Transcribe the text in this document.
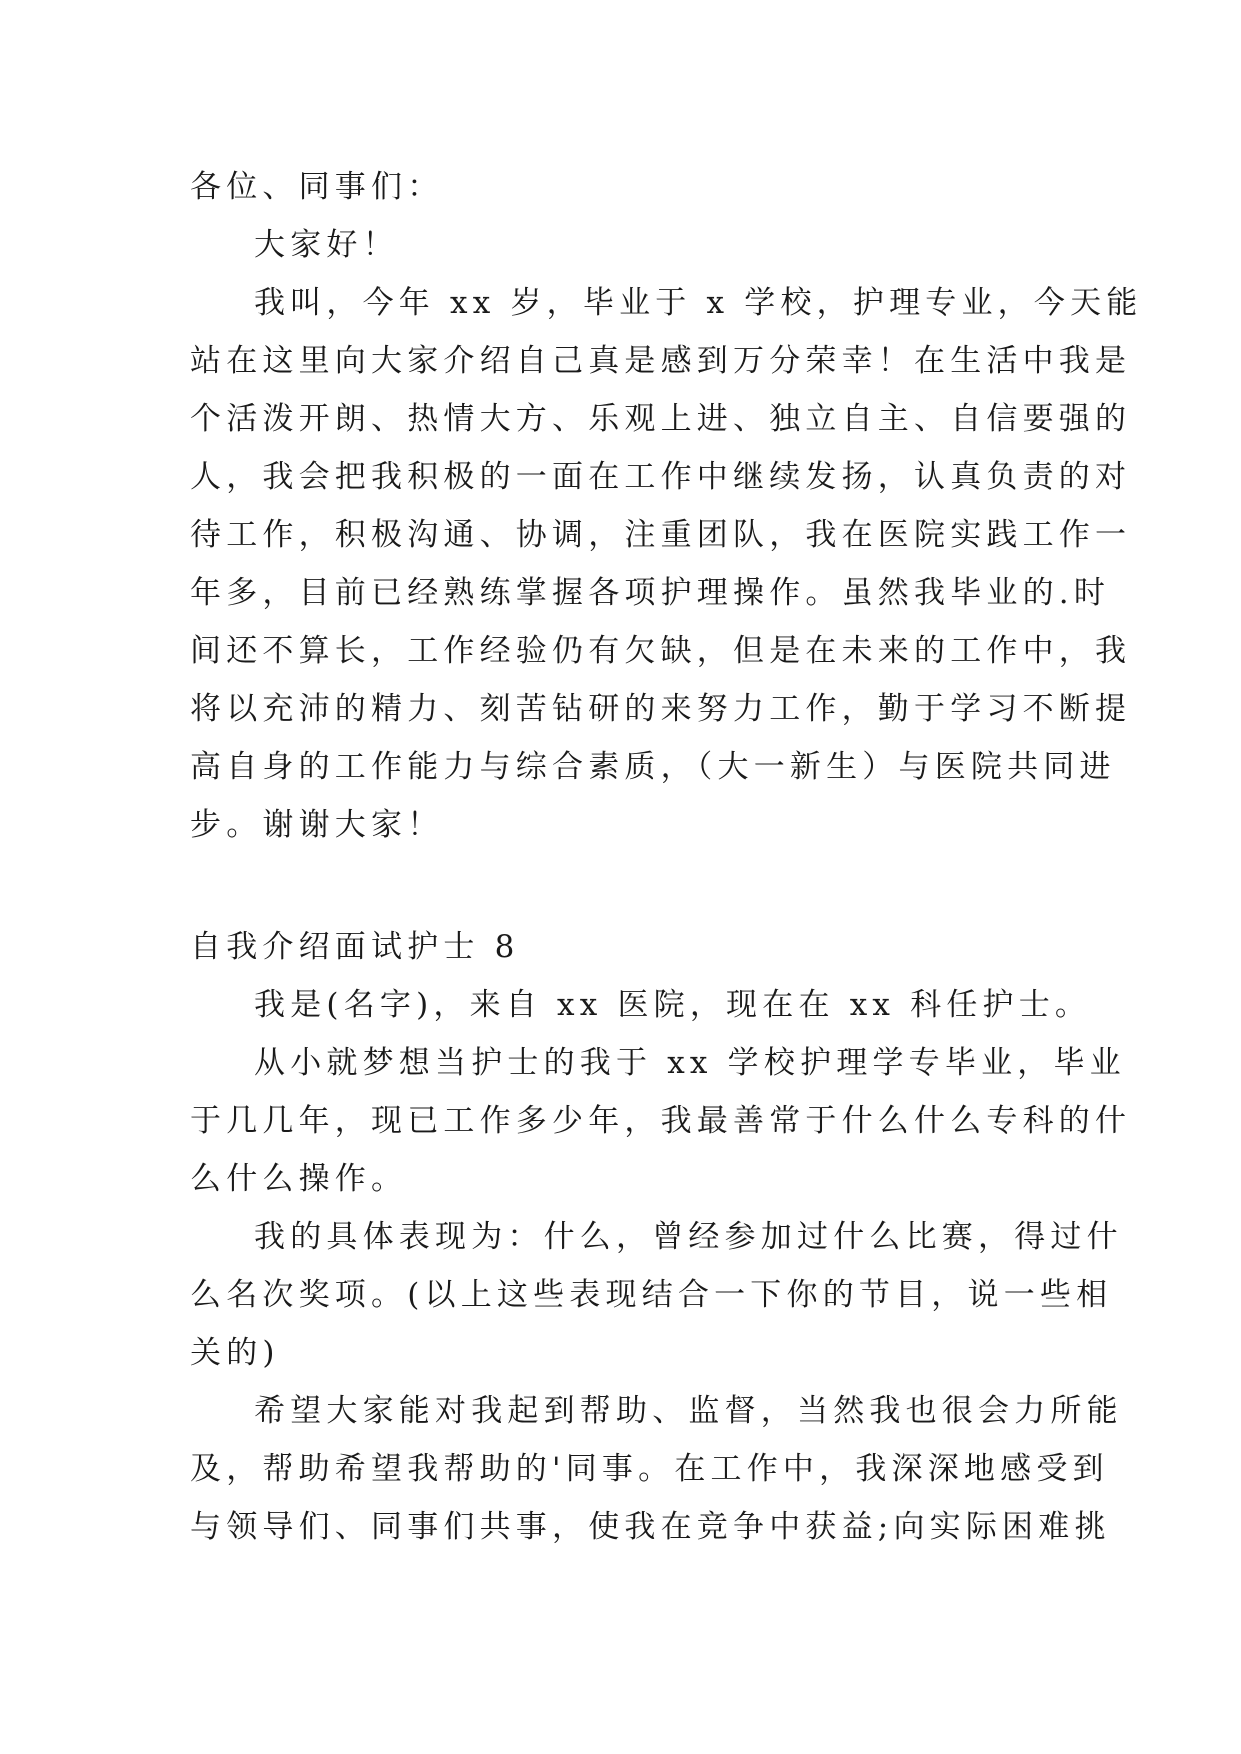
各位、同事们：
大家好！
我叫，今年 xx 岁，毕业于 x 学校，护理专业，今天能
站在这里向大家介绍自己真是感到万分荣幸！在生活中我是
个活泼开朗、热情大方、乐观上进、独立自主、自信要强的
人，我会把我积极的一面在工作中继续发扬，认真负责的对
待工作，积极沟通、协调，注重团队，我在医院实践工作一
年多，目前已经熟练掌握各项护理操作。虽然我毕业的.时
间还不算长，工作经验仍有欠缺，但是在未来的工作中，我
将以充沛的精力、刻苦钻研的来努力工作，勤于学习不断提
高自身的工作能力与综合素质，（大一新生）与医院共同进
步。谢谢大家！
自我介绍面试护士 8
我是(名字)，来自 xx 医院，现在在 xx 科任护士。
从小就梦想当护士的我于 xx 学校护理学专毕业，毕业
于几几年，现已工作多少年，我最善常于什么什么专科的什
么什么操作。
我的具体表现为：什么，曾经参加过什么比赛，得过什
么名次奖项。(以上这些表现结合一下你的节目，说一些相
关的)
希望大家能对我起到帮助、监督，当然我也很会力所能
及，帮助希望我帮助的'同事。在工作中，我深深地感受到
与领导们、同事们共事，使我在竞争中获益;向实际困难挑
